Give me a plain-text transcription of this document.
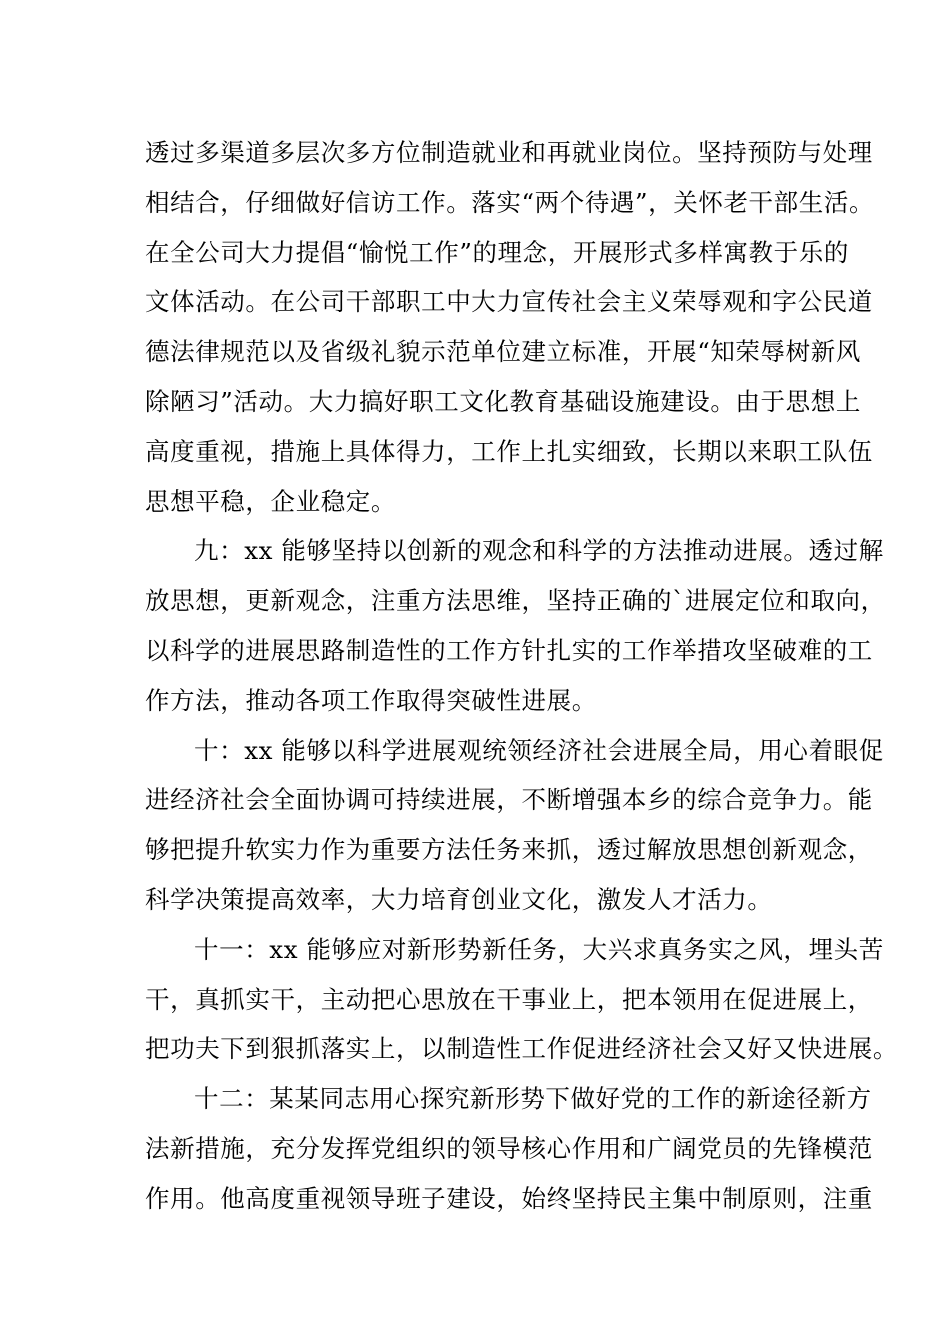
透过多渠道多层次多方位制造就业和再就业岗位。坚持预防与处理
相结合，仔细做好信访工作。落实“两个待遇”，关怀老干部生活。
在全公司大力提倡“愉悦工作”的理念，开展形式多样寓教于乐的
文体活动。在公司干部职工中大力宣传社会主义荣辱观和字公民道
德法律规范以及省级礼貌示范单位建立标准，开展“知荣辱树新风
除陋习”活动。大力搞好职工文化教育基础设施建设。由于思想上
高度重视，措施上具体得力，工作上扎实细致，长期以来职工队伍
思想平稳，企业稳定。
九：xx 能够坚持以创新的观念和科学的方法推动进展。透过解
放思想，更新观念，注重方法思维，坚持正确的`进展定位和取向，
以科学的进展思路制造性的工作方针扎实的工作举措攻坚破难的工
作方法，推动各项工作取得突破性进展。
十：xx 能够以科学进展观统领经济社会进展全局，用心着眼促
进经济社会全面协调可持续进展，不断增强本乡的综合竞争力。能
够把提升软实力作为重要方法任务来抓，透过解放思想创新观念，
科学决策提高效率，大力培育创业文化，激发人才活力。
十一：xx 能够应对新形势新任务，大兴求真务实之风，埋头苦
干，真抓实干，主动把心思放在干事业上，把本领用在促进展上，
把功夫下到狠抓落实上，以制造性工作促进经济社会又好又快进展。
十二：某某同志用心探究新形势下做好党的工作的新途径新方
法新措施，充分发挥党组织的领导核心作用和广阔党员的先锋模范
作用。他高度重视领导班子建设，始终坚持民主集中制原则，注重
